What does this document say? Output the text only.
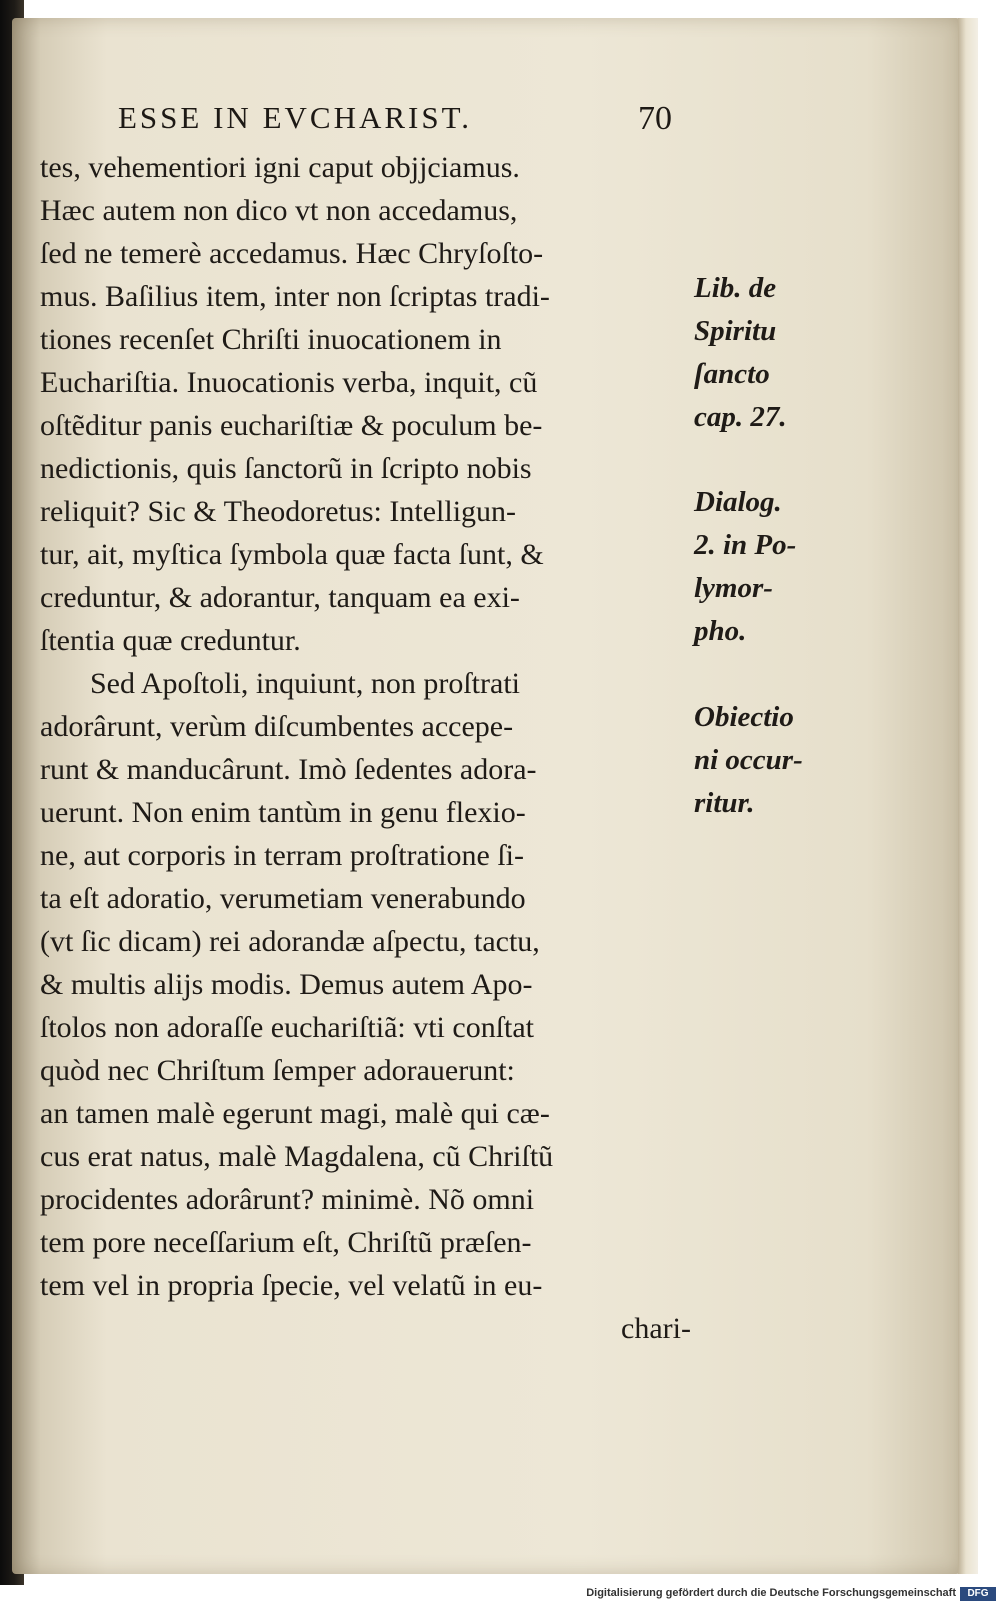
ESSE IN EVCHARIST.	70
tes, vehementiori igni caput objjciamus.
Hæc autem non dico vt non accedamus,
ſed ne temerè accedamus. Hæc Chryſoſto-
mus. Baſilius item, inter non ſcriptas tradi-
tiones recenſet Chriſti inuocationem in
Euchariſtia. Inuocationis verba, inquit, cũ
oſtẽditur panis euchariſtiæ & poculum be-
nedictionis, quis ſanctorũ in ſcripto nobis
reliquit? Sic & Theodoretus: Intelligun-
tur, ait, myſtica ſymbola quæ facta ſunt, &
creduntur, & adorantur, tanquam ea exi-
ſtentia quæ creduntur.
Sed Apoſtoli, inquiunt, non proſtrati
adorârunt, verùm diſcumbentes accepe-
runt & manducârunt. Imò ſedentes adora-
uerunt. Non enim tantùm in genu flexio-
ne, aut corporis in terram proſtratione ſi-
ta eſt adoratio, verumetiam venerabundo
(vt ſic dicam) rei adorandæ aſpectu, tactu,
& multis alijs modis. Demus autem Apo-
ſtolos non adoraſſe euchariſtiã: vti conſtat
quòd nec Chriſtum ſemper adorauerunt:
an tamen malè egerunt magi, malè qui cæ-
cus erat natus, malè Magdalena, cũ Chriſtũ
procidentes adorârunt? minimè. Nõ omni
tem pore neceſſarium eſt, Chriſtũ præſen-
tem vel in propria ſpecie, vel velatũ in eu-
chari-
Lib. de
Spiritu
ſancto
cap. 27.
Dialog.
2. in Po-
lymor-
pho.
Obiectio
ni occur-
ritur.
Digitalisierung gefördert durch die Deutsche Forschungsgemeinschaft	DFG
